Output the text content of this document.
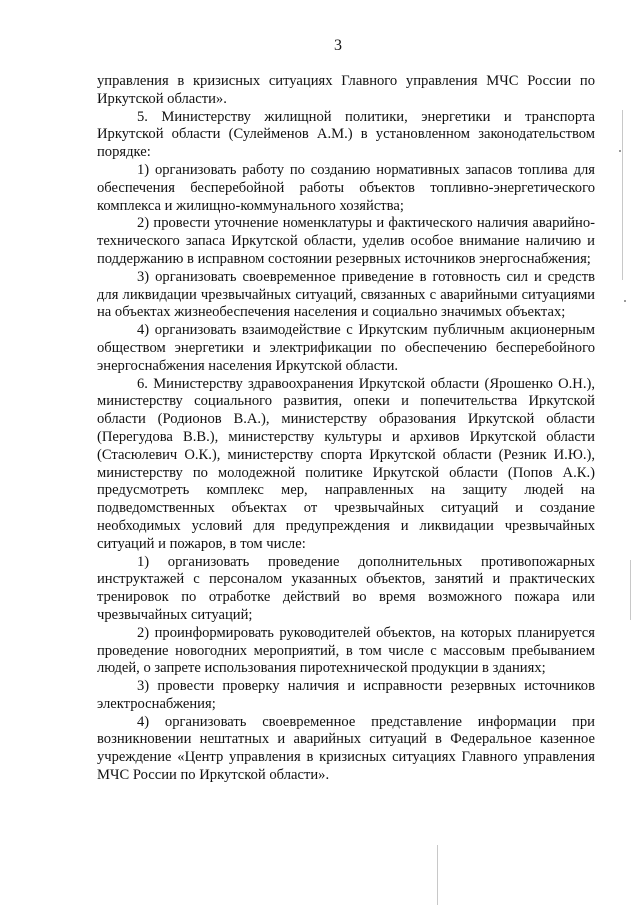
3

управления в кризисных ситуациях Главного управления МЧС России по Иркутской области».

5. Министерству жилищной политики, энергетики и транспорта Иркутской области (Сулейменов А.М.) в установленном законодательством порядке:

1) организовать работу по созданию нормативных запасов топлива для обеспечения бесперебойной работы объектов топливно-энергетического комплекса и жилищно-коммунального хозяйства;

2) провести уточнение номенклатуры и фактического наличия аварийно-технического запаса Иркутской области, уделив особое внимание наличию и поддержанию в исправном состоянии резервных источников энергоснабжения;

3) организовать своевременное приведение в готовность сил и средств для ликвидации чрезвычайных ситуаций, связанных с аварийными ситуациями на объектах жизнеобеспечения населения и социально значимых объектах;

4) организовать взаимодействие с Иркутским публичным акционерным обществом энергетики и электрификации по обеспечению бесперебойного энергоснабжения населения Иркутской области.

6. Министерству здравоохранения Иркутской области (Ярошенко О.Н.), министерству социального развития, опеки и попечительства Иркутской области (Родионов В.А.), министерству образования Иркутской области (Перегудова В.В.), министерству культуры и архивов Иркутской области (Стасюлевич О.К.), министерству спорта Иркутской области (Резник И.Ю.), министерству по молодежной политике Иркутской области (Попов А.К.) предусмотреть комплекс мер, направленных на защиту людей на подведомственных объектах от чрезвычайных ситуаций и создание необходимых условий для предупреждения и ликвидации чрезвычайных ситуаций и пожаров, в том числе:

1) организовать проведение дополнительных противопожарных инструктажей с персоналом указанных объектов, занятий и практических тренировок по отработке действий во время возможного пожара или чрезвычайных ситуаций;

2) проинформировать руководителей объектов, на которых планируется проведение новогодних мероприятий, в том числе с массовым пребыванием людей, о запрете использования пиротехнической продукции в зданиях;

3) провести проверку наличия и исправности резервных источников электроснабжения;

4) организовать своевременное представление информации при возникновении нештатных и аварийных ситуаций в Федеральное казенное учреждение «Центр управления в кризисных ситуациях Главного управления МЧС России по Иркутской области».
